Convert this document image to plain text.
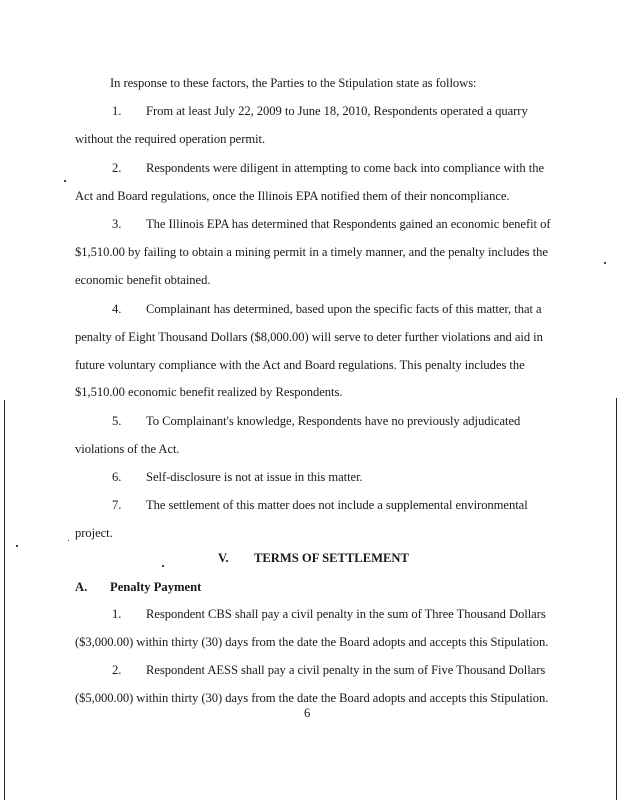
In response to these factors, the Parties to the Stipulation state as follows:
1. From at least July 22, 2009 to June 18, 2010, Respondents operated a quarry
without the required operation permit.
2. Respondents were diligent in attempting to come back into compliance with the
Act and Board regulations, once the Illinois EPA notified them of their noncompliance.
3. The Illinois EPA has determined that Respondents gained an economic benefit of
$1,510.00 by failing to obtain a mining permit in a timely manner, and the penalty includes the
economic benefit obtained.
4. Complainant has determined, based upon the specific facts of this matter, that a
penalty of Eight Thousand Dollars ($8,000.00) will serve to deter further violations and aid in
future voluntary compliance with the Act and Board regulations. This penalty includes the
$1,510.00 economic benefit realized by Respondents.
5. To Complainant's knowledge, Respondents have no previously adjudicated
violations of the Act.
6. Self-disclosure is not at issue in this matter.
7. The settlement of this matter does not include a supplemental environmental
project.
V. TERMS OF SETTLEMENT
A. Penalty Payment
1. Respondent CBS shall pay a civil penalty in the sum of Three Thousand Dollars
($3,000.00) within thirty (30) days from the date the Board adopts and accepts this Stipulation.
2. Respondent AESS shall pay a civil penalty in the sum of Five Thousand Dollars
($5,000.00) within thirty (30) days from the date the Board adopts and accepts this Stipulation.
6
